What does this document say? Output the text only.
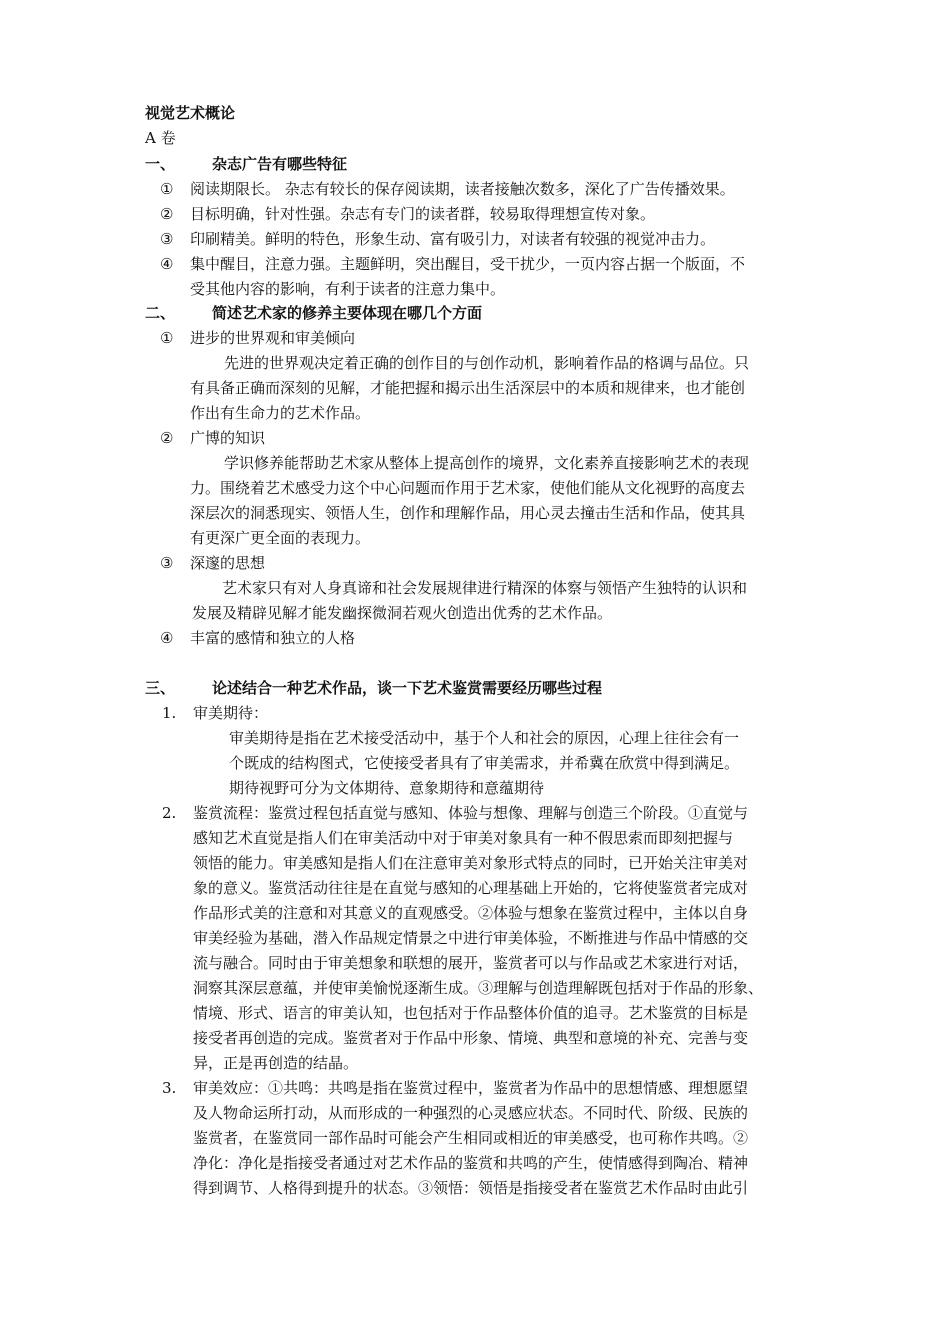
视觉艺术概论
A 卷
一、 杂志广告有哪些特征
① 阅读期限长。 杂志有较长的保存阅读期，读者接触次数多，深化了广告传播效果。
② 目标明确，针对性强。杂志有专门的读者群，较易取得理想宣传对象。
③ 印刷精美。鲜明的特色，形象生动、富有吸引力，对读者有较强的视觉冲击力。
④ 集中醒目，注意力强。主题鲜明，突出醒目，受干扰少，一页内容占据一个版面，不
受其他内容的影响，有利于读者的注意力集中。
二、 简述艺术家的修养主要体现在哪几个方面
① 进步的世界观和审美倾向
先进的世界观决定着正确的创作目的与创作动机，影响着作品的格调与品位。只
有具备正确而深刻的见解，才能把握和揭示出生活深层中的本质和规律来，也才能创
作出有生命力的艺术作品。
② 广博的知识
学识修养能帮助艺术家从整体上提高创作的境界，文化素养直接影响艺术的表现
力。围绕着艺术感受力这个中心问题而作用于艺术家，使他们能从文化视野的高度去
深层次的洞悉现实、领悟人生，创作和理解作品，用心灵去撞击生活和作品，使其具
有更深广更全面的表现力。
③ 深邃的思想
艺术家只有对人身真谛和社会发展规律进行精深的体察与领悟产生独特的认识和
发展及精辟见解才能发幽探微洞若观火创造出优秀的艺术作品。
④ 丰富的感情和独立的人格
三、 论述结合一种艺术作品，谈一下艺术鉴赏需要经历哪些过程
1. 审美期待：
审美期待是指在艺术接受活动中，基于个人和社会的原因，心理上往往会有一
个既成的结构图式，它使接受者具有了审美需求，并希冀在欣赏中得到满足。
期待视野可分为文体期待、意象期待和意蕴期待
2. 鉴赏流程：鉴赏过程包括直觉与感知、体验与想像、理解与创造三个阶段。①直觉与
感知艺术直觉是指人们在审美活动中对于审美对象具有一种不假思索而即刻把握与
领悟的能力。审美感知是指人们在注意审美对象形式特点的同时，已开始关注审美对
象的意义。鉴赏活动往往是在直觉与感知的心理基础上开始的，它将使鉴赏者完成对
作品形式美的注意和对其意义的直观感受。②体验与想象在鉴赏过程中，主体以自身
审美经验为基础，潜入作品规定情景之中进行审美体验，不断推进与作品中情感的交
流与融合。同时由于审美想象和联想的展开，鉴赏者可以与作品或艺术家进行对话，
洞察其深层意蕴，并使审美愉悦逐渐生成。③理解与创造理解既包括对于作品的形象、
情境、形式、语言的审美认知，也包括对于作品整体价值的追寻。艺术鉴赏的目标是
接受者再创造的完成。鉴赏者对于作品中形象、情境、典型和意境的补充、完善与变
异，正是再创造的结晶。
3. 审美效应：①共鸣：共鸣是指在鉴赏过程中，鉴赏者为作品中的思想情感、理想愿望
及人物命运所打动，从而形成的一种强烈的心灵感应状态。不同时代、阶级、民族的
鉴赏者，在鉴赏同一部作品时可能会产生相同或相近的审美感受，也可称作共鸣。②
净化：净化是指接受者通过对艺术作品的鉴赏和共鸣的产生，使情感得到陶冶、精神
得到调节、人格得到提升的状态。③领悟：领悟是指接受者在鉴赏艺术作品时由此引
